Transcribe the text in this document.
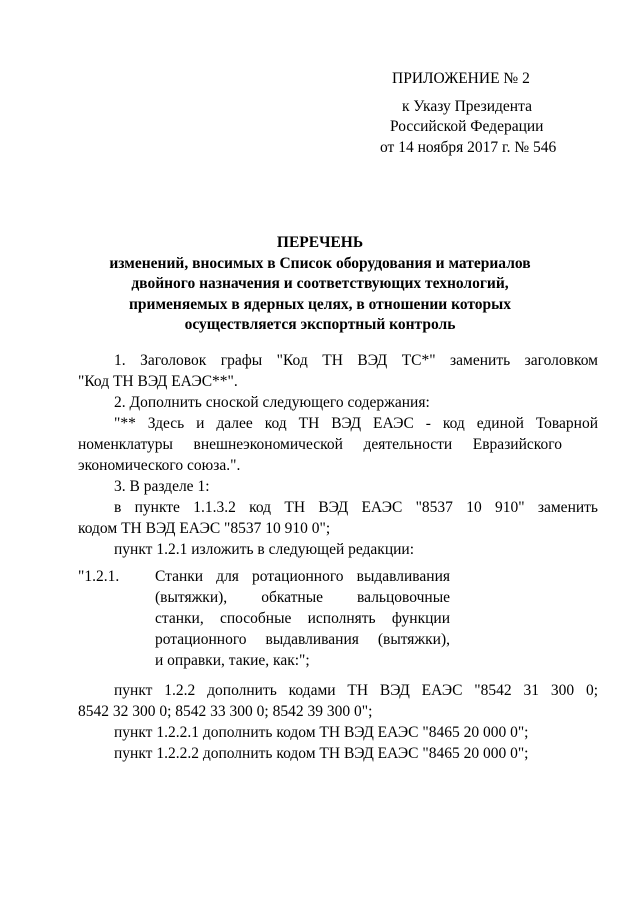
ПРИЛОЖЕНИЕ № 2
к Указу Президента
Российской Федерации
от 14 ноября 2017 г. № 546
ПЕРЕЧЕНЬ
изменений, вносимых в Список оборудования и материалов
двойного назначения и соответствующих технологий,
применяемых в ядерных целях, в отношении которых
осуществляется экспортный контроль
1. Заголовок графы "Код ТН ВЭД ТС*" заменить заголовком
"Код ТН ВЭД ЕАЭС**".
2. Дополнить сноской следующего содержания:
"** Здесь и далее код ТН ВЭД ЕАЭС - код единой Товарной
номенклатуры внешнеэкономической деятельности Евразийского
экономического союза.".
3. В разделе 1:
в пункте 1.1.3.2 код ТН ВЭД ЕАЭС "8537 10 910" заменить
кодом ТН ВЭД ЕАЭС "8537 10 910 0";
пункт 1.2.1 изложить в следующей редакции:
"1.2.1. Станки для ротационного выдавливания
(вытяжки), обкатные вальцовочные
станки, способные исполнять функции
ротационного выдавливания (вытяжки),
и оправки, такие, как:";
пункт 1.2.2 дополнить кодами ТН ВЭД ЕАЭС "8542 31 300 0;
8542 32 300 0; 8542 33 300 0; 8542 39 300 0";
пункт 1.2.2.1 дополнить кодом ТН ВЭД ЕАЭС "8465 20 000 0";
пункт 1.2.2.2 дополнить кодом ТН ВЭД ЕАЭС "8465 20 000 0";
